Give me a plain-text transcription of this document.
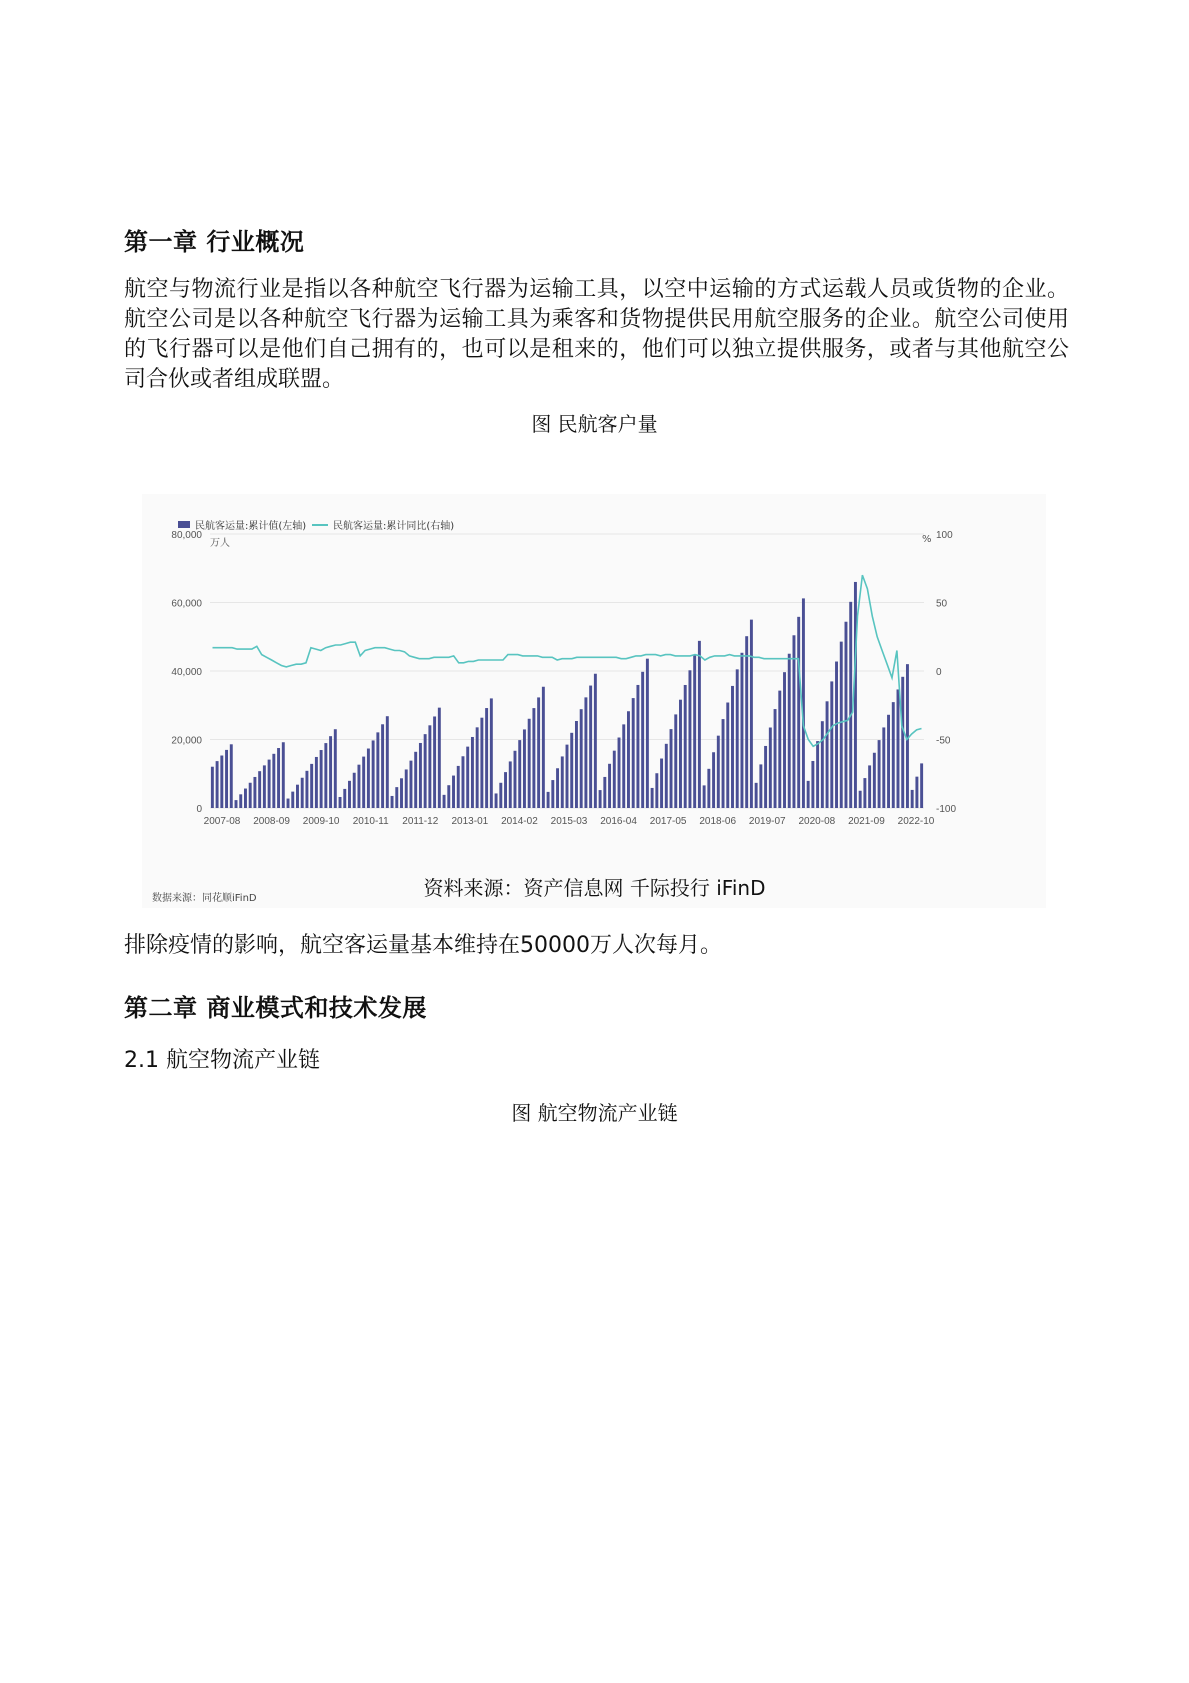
第一章 行业概况
航空与物流行业是指以各种航空飞行器为运输工具，以空中运输的方式运载人员或货物的企业。航空公司是以各种航空飞行器为运输工具为乘客和货物提供民用航空服务的企业。航空公司使用的飞行器可以是他们自己拥有的，也可以是租来的，他们可以独立提供服务，或者与其他航空公司合伙或者组成联盟。
图 民航客户量
民航客运量:累计值(左轴)	民航客运量:累计同比(右轴)
万人	%
80,000
60,000
40,000
20,000
0
100
50
0
-50
-100
2007-08 2008-09 2009-10 2010-11 2011-12 2013-01 2014-02 2015-03 2016-04 2017-05 2018-06 2019-07 2020-08 2021-09 2022-10
数据来源：同花顺iFinD	资料来源：资产信息网 千际投行 iFinD
排除疫情的影响，航空客运量基本维持在50000万人次每月。
第二章 商业模式和技术发展
2.1 航空物流产业链
图 航空物流产业链
